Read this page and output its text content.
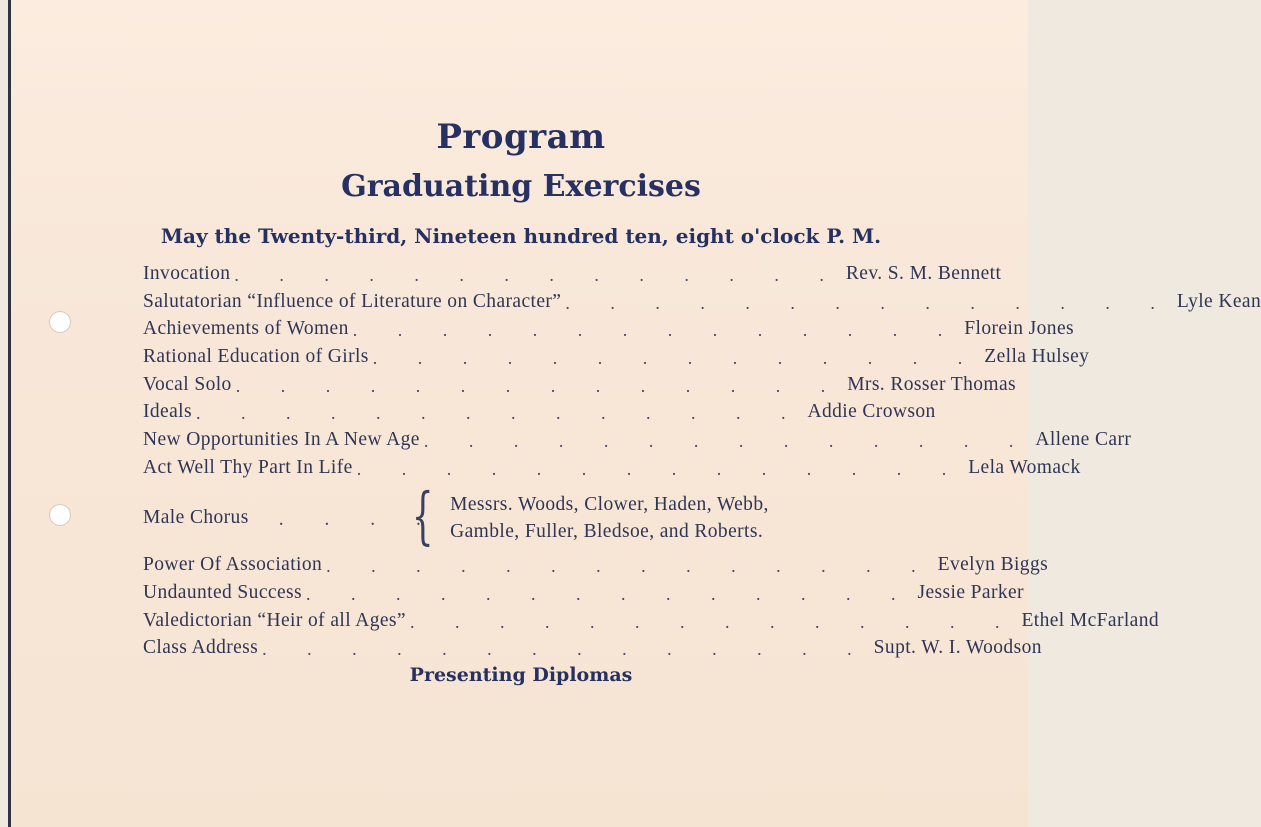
Program
Graduating Exercises
May the Twenty-third, Nineteen hundred ten, eight o'clock P. M.
Invocation . . . . . . . . . . . . . . Rev. S. M. Bennett
Salutatorian “Influence of Literature on Character” . . . . . . . . . . . . . . Lyle Kean
Achievements of Women . . . . . . . . . . . . . . Florein Jones
Rational Education of Girls . . . . . . . . . . . . . . Zella Hulsey
Vocal Solo . . . . . . . . . . . . . . Mrs. Rosser Thomas
Ideals . . . . . . . . . . . . . . Addie Crowson
New Opportunities In A New Age . . . . . . . . . . . . . . Allene Carr
Act Well Thy Part In Life . . . . . . . . . . . . . . Lela Womack
Male Chorus . . . .
{ Messrs. Woods, Clower, Haden, Webb,
Gamble, Fuller, Bledsoe, and Roberts.
Power Of Association . . . . . . . . . . . . . . Evelyn Biggs
Undaunted Success . . . . . . . . . . . . . . Jessie Parker
Valedictorian “Heir of all Ages” . . . . . . . . . . . . . . Ethel McFarland
Class Address . . . . . . . . . . . . . . Supt. W. I. Woodson
Presenting Diplomas
